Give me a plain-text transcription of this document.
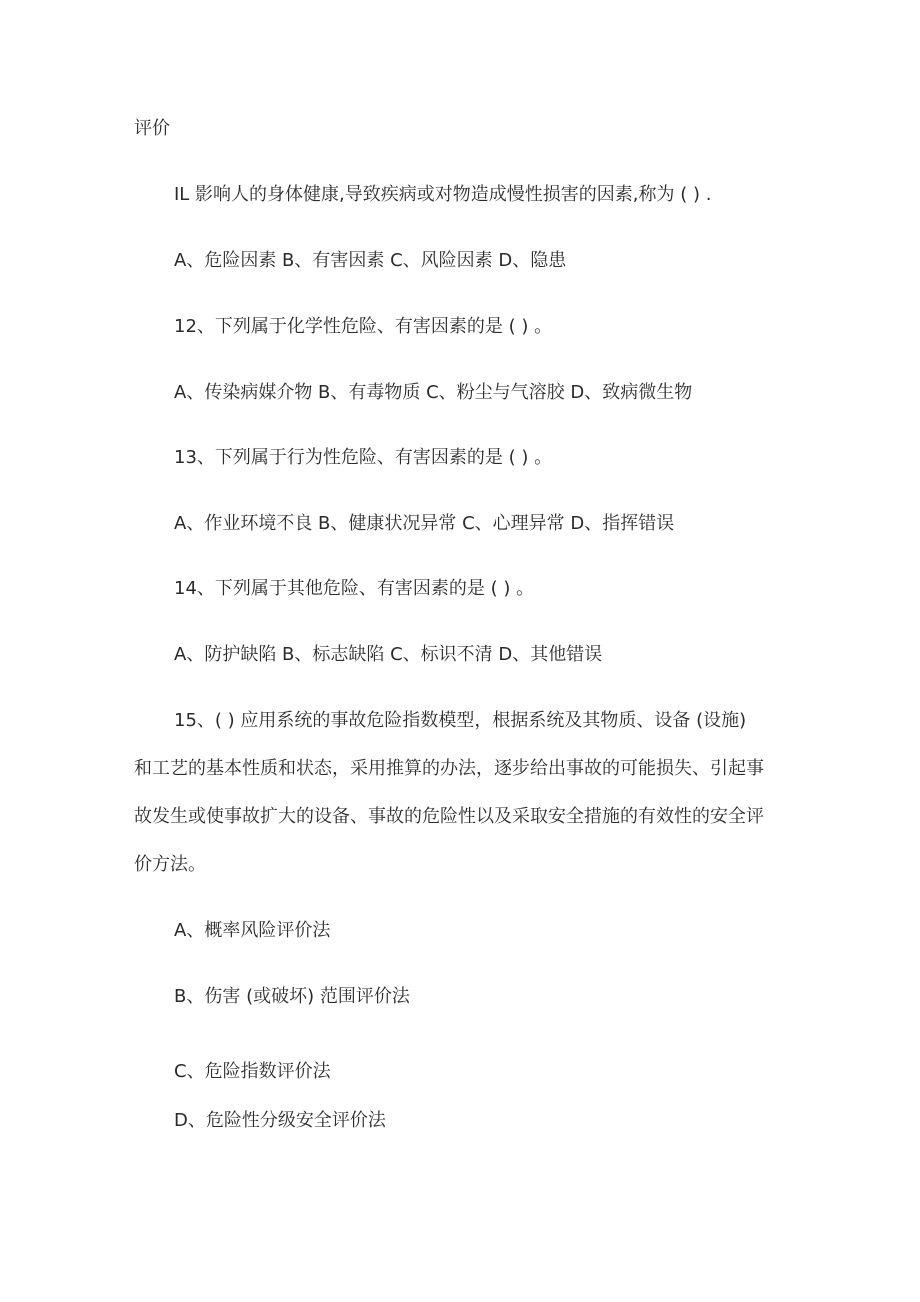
评价
IL 影响人的身体健康,导致疾病或对物造成慢性损害的因素,称为 ( ) .
A、危险因素 B、有害因素 C、风险因素 D、隐患
12、下列属于化学性危险、有害因素的是 ( ) 。
A、传染病媒介物 B、有毒物质 C、粉尘与气溶胶 D、致病微生物
13、下列属于行为性危险、有害因素的是 ( ) 。
A、作业环境不良 B、健康状况异常 C、心理异常 D、指挥错误
14、下列属于其他危险、有害因素的是 ( ) 。
A、防护缺陷 B、标志缺陷 C、标识不清 D、其他错误
15、( ) 应用系统的事故危险指数模型，根据系统及其物质、设备 (设施)
和工艺的基本性质和状态，采用推算的办法，逐步给出事故的可能损失、引起事
故发生或使事故扩大的设备、事故的危险性以及采取安全措施的有效性的安全评
价方法。
A、概率风险评价法
B、伤害 (或破坏) 范围评价法
C、危险指数评价法
D、危险性分级安全评价法
